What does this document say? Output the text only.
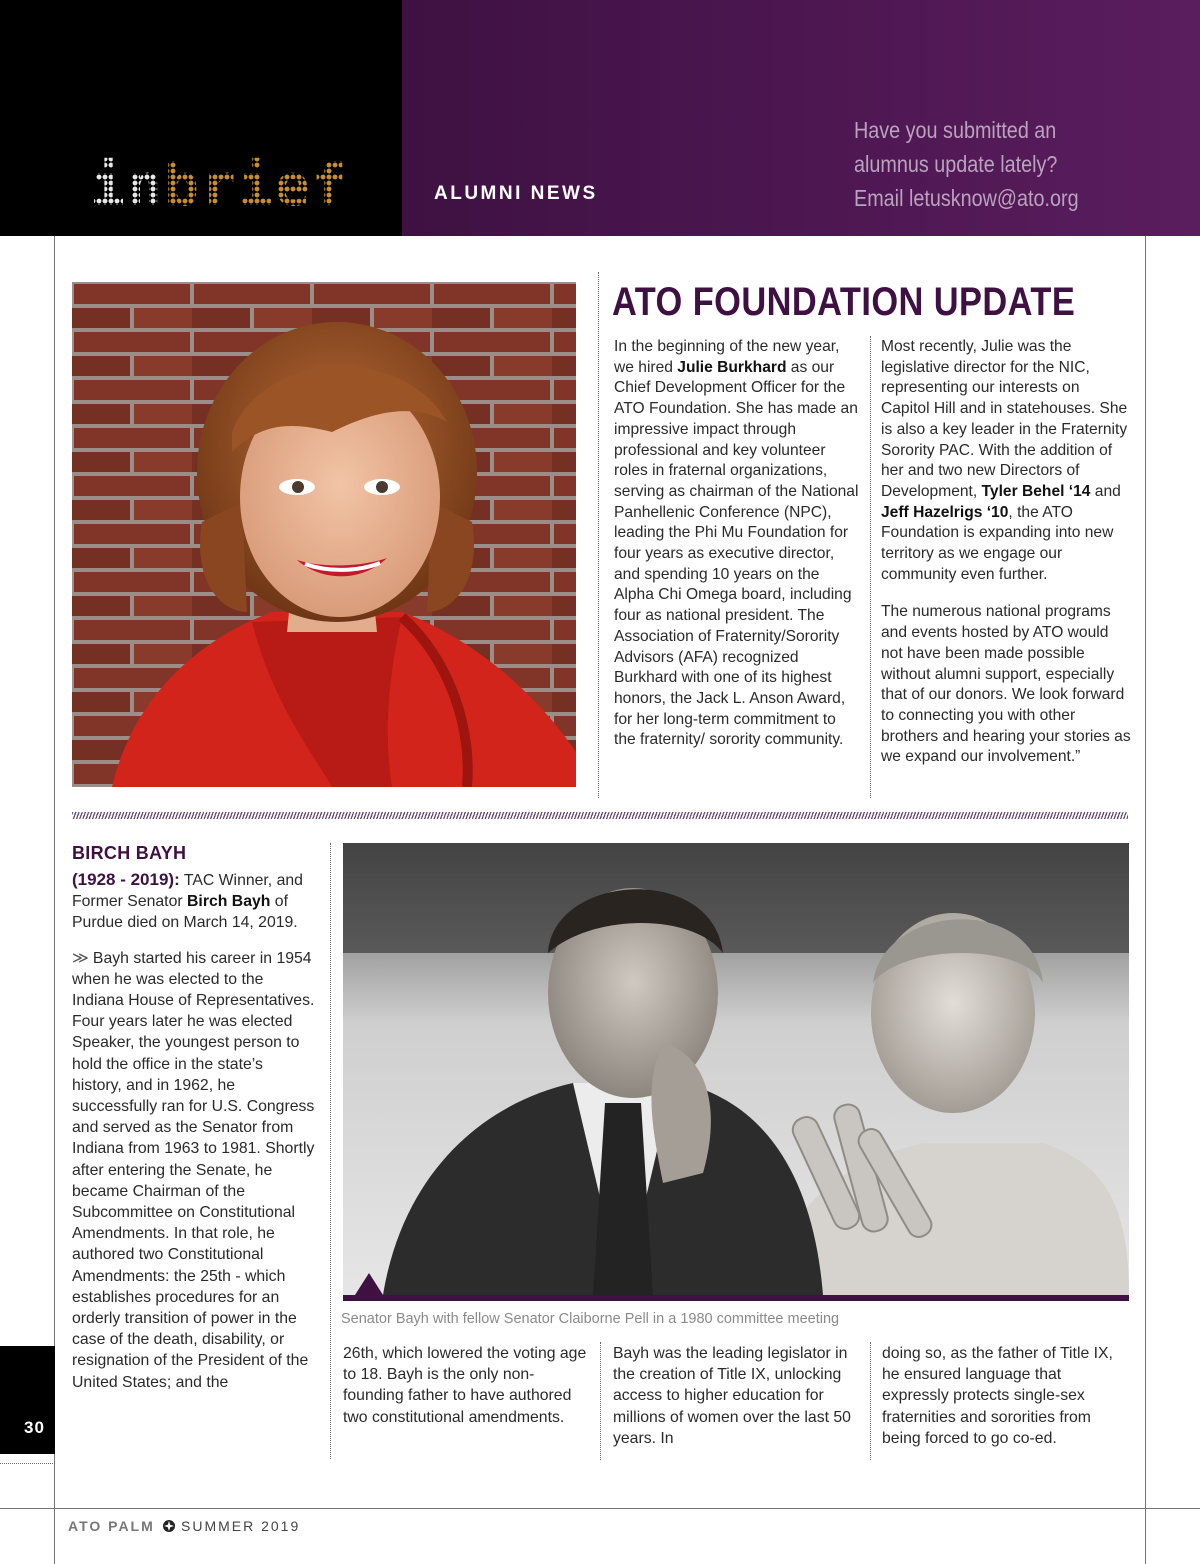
in brief	ALUMNI NEWS
Have you submitted an
alumnus update lately?
Email letusknow@ato.org
ATO FOUNDATION UPDATE

In the beginning of the new year, we hired Julie Burkhard as our Chief Development Officer for the ATO Foundation. She has made an impressive impact through professional and key volunteer roles in fraternal organizations, serving as chairman of the National Panhellenic Conference (NPC), leading the Phi Mu Foundation for four years as executive director, and spending 10 years on the Alpha Chi Omega board, including four as national president. The Association of Fraternity/Sorority Advisors (AFA) recognized Burkhard with one of its highest honors, the Jack L. Anson Award, for her long-term commitment to the fraternity/ sorority community.

Most recently, Julie was the legislative director for the NIC, representing our interests on Capitol Hill and in statehouses. She is also a key leader in the Fraternity Sorority PAC. With the addition of her and two new Directors of Development, Tyler Behel ‘14 and Jeff Hazelrigs ‘10, the ATO Foundation is expanding into new territory as we engage our community even further.

The numerous national programs and events hosted by ATO would not have been made possible without alumni support, especially that of our donors. We look forward to connecting you with other brothers and hearing your stories as we expand our involvement.”

BIRCH BAYH

(1928 - 2019): TAC Winner, and Former Senator Birch Bayh of Purdue died on March 14, 2019.

≫ Bayh started his career in 1954 when he was elected to the Indiana House of Representatives. Four years later he was elected Speaker, the youngest person to hold the office in the state’s history, and in 1962, he successfully ran for U.S. Congress and served as the Senator from Indiana from 1963 to 1981. Shortly after entering the Senate, he became Chairman of the Subcommittee on Constitutional Amendments. In that role, he authored two Constitutional Amendments: the 25th - which establishes procedures for an orderly transition of power in the case of the death, disability, or resignation of the President of the United States; and the

Senator Bayh with fellow Senator Claiborne Pell in a 1980 committee meeting
26th, which lowered the voting age to 18. Bayh is the only non-founding father to have authored two constitutional amendments.
Bayh was the leading legislator in the creation of Title IX, unlocking access to higher education for millions of women over the last 50 years. In
doing so, as the father of Title IX, he ensured language that expressly protects single-sex fraternities and sororities from being forced to go co-ed.
30
ATO PALM SUMMER 2019
